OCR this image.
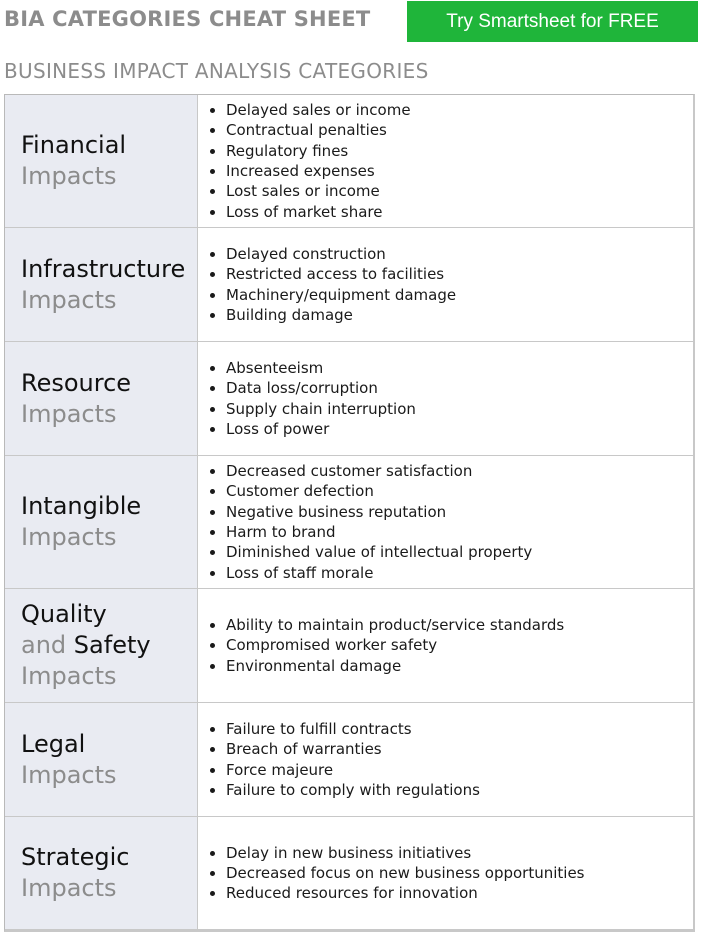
BIA CATEGORIES CHEAT SHEET	Try Smartsheet for FREE
BUSINESS IMPACT ANALYSIS CATEGORIES
Financial
Impacts
Delayed sales or income
Contractual penalties
Regulatory fines
Increased expenses
Lost sales or income
Loss of market share
Infrastructure
Impacts
Delayed construction
Restricted access to facilities
Machinery/equipment damage
Building damage
Resource
Impacts
Absenteeism
Data loss/corruption
Supply chain interruption
Loss of power
Intangible
Impacts
Decreased customer satisfaction
Customer defection
Negative business reputation
Harm to brand
Diminished value of intellectual property
Loss of staff morale
Quality
and Safety
Impacts
Ability to maintain product/service standards
Compromised worker safety
Environmental damage
Legal
Impacts
Failure to fulfill contracts
Breach of warranties
Force majeure
Failure to comply with regulations
Strategic
Impacts
Delay in new business initiatives
Decreased focus on new business opportunities
Reduced resources for innovation
